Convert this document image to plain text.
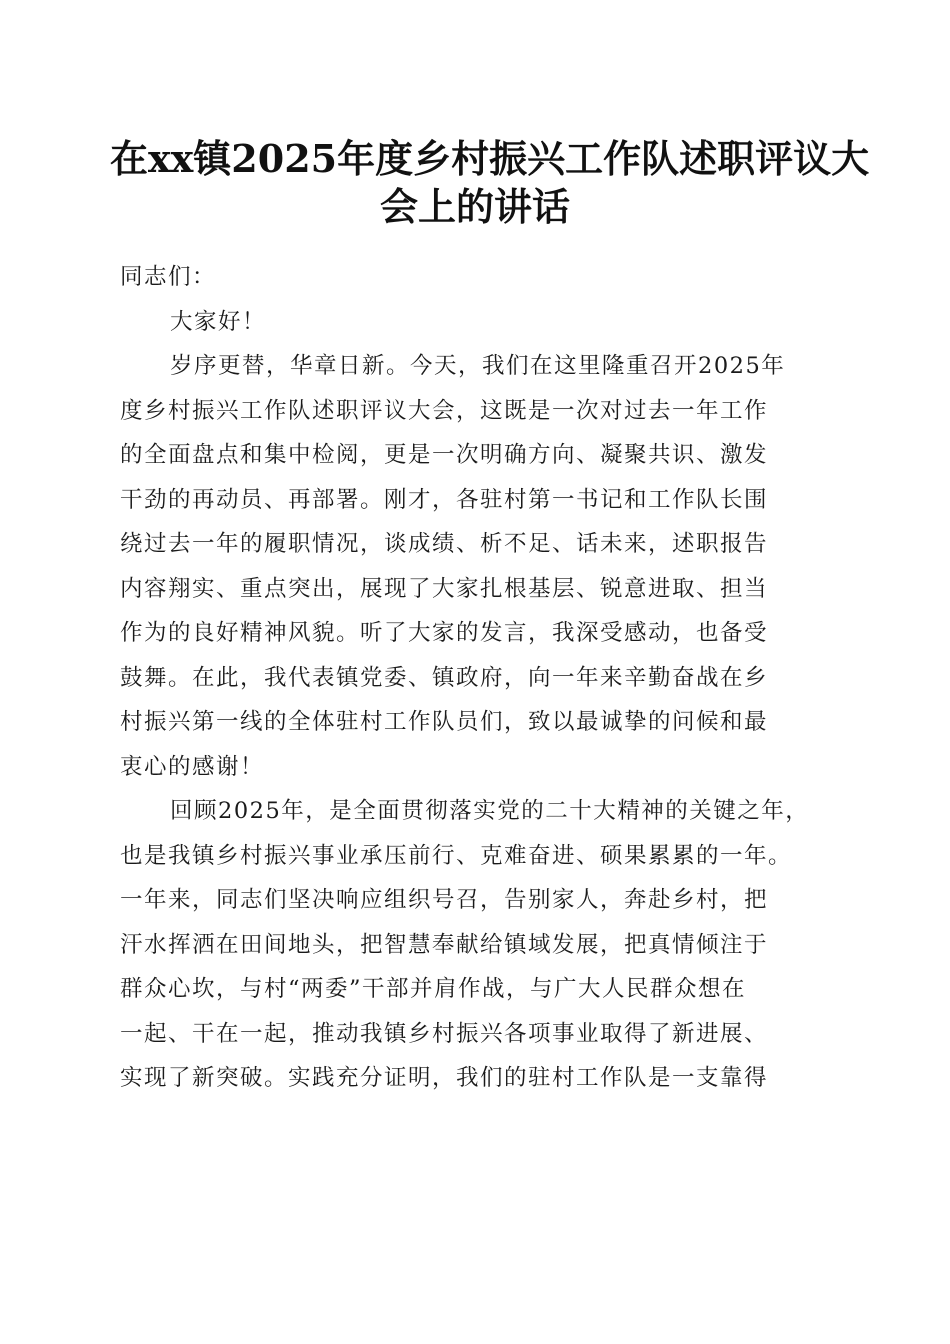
在xx镇2025年度乡村振兴工作队述职评议大
会上的讲话
同志们：
大家好！
岁序更替，华章日新。今天，我们在这里隆重召开2025年
度乡村振兴工作队述职评议大会，这既是一次对过去一年工作
的全面盘点和集中检阅，更是一次明确方向、凝聚共识、激发
干劲的再动员、再部署。刚才，各驻村第一书记和工作队长围
绕过去一年的履职情况，谈成绩、析不足、话未来，述职报告
内容翔实、重点突出，展现了大家扎根基层、锐意进取、担当
作为的良好精神风貌。听了大家的发言，我深受感动，也备受
鼓舞。在此，我代表镇党委、镇政府，向一年来辛勤奋战在乡
村振兴第一线的全体驻村工作队员们，致以最诚挚的问候和最
衷心的感谢！
回顾2025年，是全面贯彻落实党的二十大精神的关键之年，
也是我镇乡村振兴事业承压前行、克难奋进、硕果累累的一年。
一年来，同志们坚决响应组织号召，告别家人，奔赴乡村，把
汗水挥洒在田间地头，把智慧奉献给镇域发展，把真情倾注于
群众心坎，与村“两委”干部并肩作战，与广大人民群众想在
一起、干在一起，推动我镇乡村振兴各项事业取得了新进展、
实现了新突破。实践充分证明，我们的驻村工作队是一支靠得
